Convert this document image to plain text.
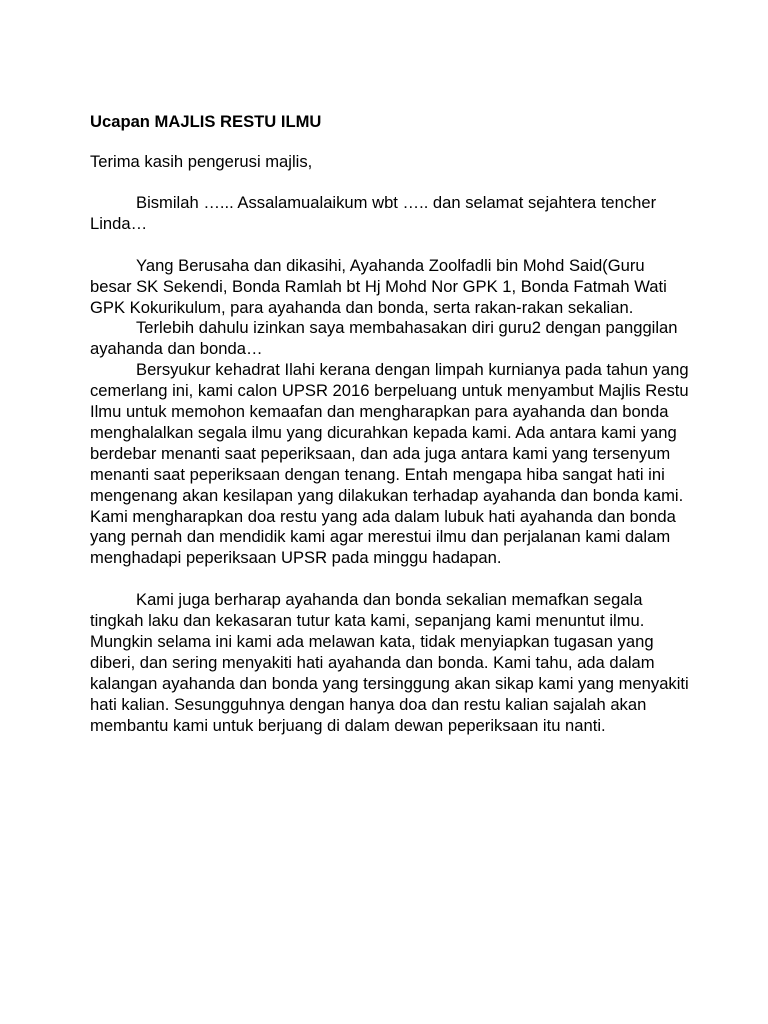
Ucapan MAJLIS RESTU ILMU

Terima kasih pengerusi majlis,

Bismilah …... Assalamualaikum wbt ….. dan selamat sejahtera tencher Linda…

Yang Berusaha dan dikasihi, Ayahanda Zoolfadli bin Mohd Said(Guru besar SK Sekendi, Bonda Ramlah bt Hj Mohd Nor GPK 1, Bonda Fatmah Wati GPK Kokurikulum, para ayahanda dan bonda, serta rakan-rakan sekalian.

Terlebih dahulu izinkan saya membahasakan diri guru2 dengan panggilan ayahanda dan bonda…

Bersyukur kehadrat Ilahi kerana dengan limpah kurnianya pada tahun yang cemerlang ini, kami calon UPSR 2016 berpeluang untuk menyambut Majlis Restu Ilmu untuk memohon kemaafan dan mengharapkan para ayahanda dan bonda menghalalkan segala ilmu yang dicurahkan kepada kami. Ada antara kami yang berdebar menanti saat peperiksaan, dan ada juga antara kami yang tersenyum menanti saat peperiksaan dengan tenang. Entah mengapa hiba sangat hati ini mengenang akan kesilapan yang dilakukan terhadap ayahanda dan bonda kami. Kami mengharapkan doa restu yang ada dalam lubuk hati ayahanda dan bonda yang pernah dan mendidik kami agar merestui ilmu dan perjalanan kami dalam menghadapi peperiksaan UPSR pada minggu hadapan.

Kami juga berharap ayahanda dan bonda sekalian memafkan segala tingkah laku dan kekasaran tutur kata kami, sepanjang kami menuntut ilmu. Mungkin selama ini kami ada melawan kata, tidak menyiapkan tugasan yang diberi, dan sering menyakiti hati ayahanda dan bonda. Kami tahu, ada dalam kalangan ayahanda dan bonda yang tersinggung akan sikap kami yang menyakiti hati kalian. Sesungguhnya dengan hanya doa dan restu kalian sajalah akan membantu kami untuk berjuang di dalam dewan peperiksaan itu nanti.
